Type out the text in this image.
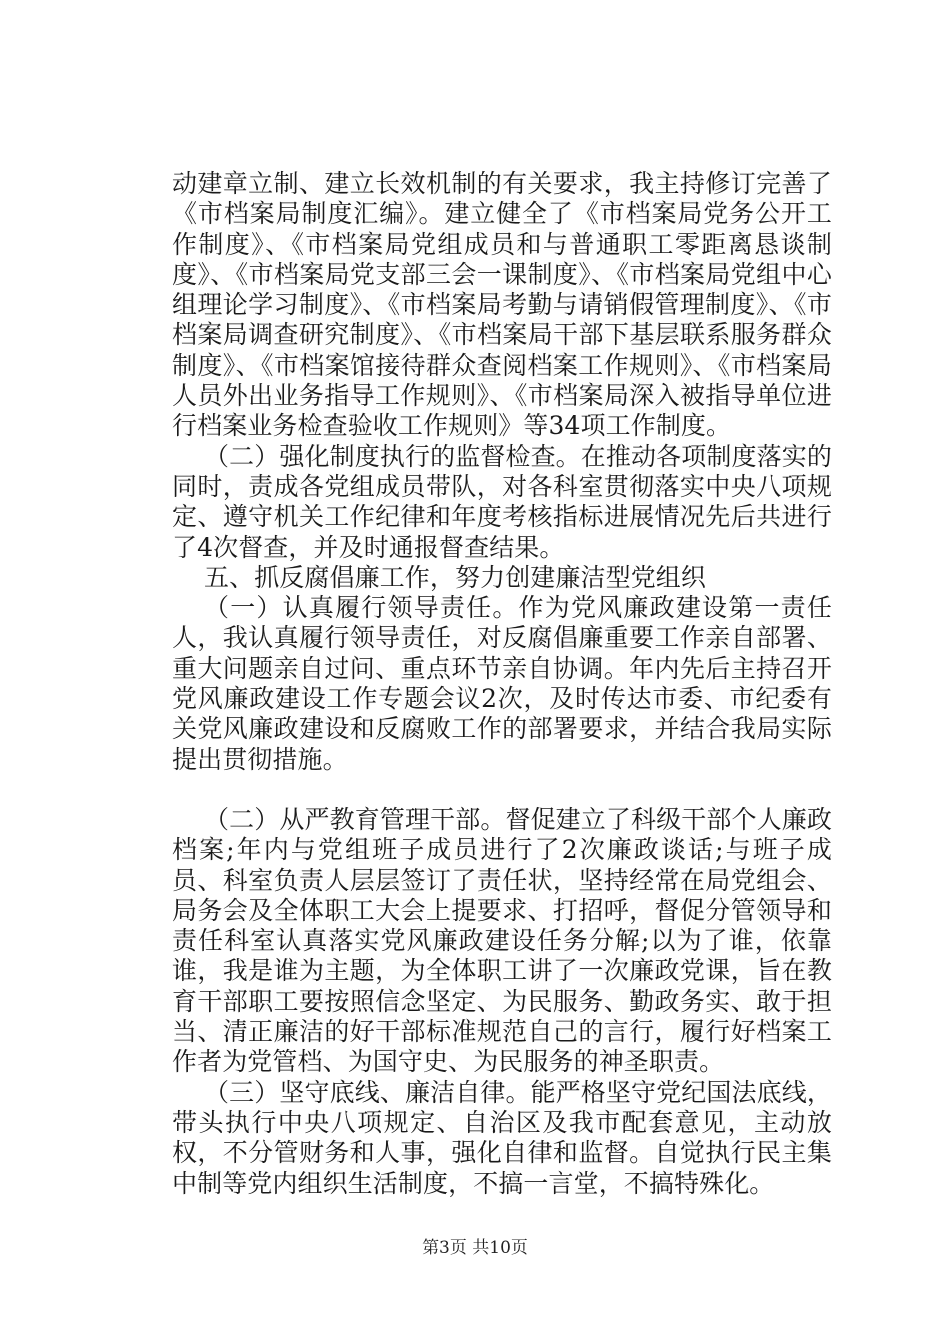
动建章立制、建立长效机制的有关要求，我主持修订完善了《市档案局制度汇编》。建立健全了《市档案局党务公开工作制度》、《市档案局党组成员和与普通职工零距离恳谈制度》、《市档案局党支部三会一课制度》、《市档案局党组中心组理论学习制度》、《市档案局考勤与请销假管理制度》、《市档案局调查研究制度》、《市档案局干部下基层联系服务群众制度》、《市档案馆接待群众查阅档案工作规则》、《市档案局人员外出业务指导工作规则》、《市档案局深入被指导单位进行档案业务检查验收工作规则》等34项工作制度。

（二）强化制度执行的监督检查。在推动各项制度落实的同时，责成各党组成员带队，对各科室贯彻落实中央八项规定、遵守机关工作纪律和年度考核指标进展情况先后共进行了4次督查，并及时通报督查结果。

五、抓反腐倡廉工作，努力创建廉洁型党组织

（一）认真履行领导责任。作为党风廉政建设第一责任人，我认真履行领导责任，对反腐倡廉重要工作亲自部署、重大问题亲自过问、重点环节亲自协调。年内先后主持召开党风廉政建设工作专题会议2次，及时传达市委、市纪委有关党风廉政建设和反腐败工作的部署要求，并结合我局实际提出贯彻措施。

（二）从严教育管理干部。督促建立了科级干部个人廉政档案;年内与党组班子成员进行了2次廉政谈话;与班子成员、科室负责人层层签订了责任状，坚持经常在局党组会、局务会及全体职工大会上提要求、打招呼，督促分管领导和责任科室认真落实党风廉政建设任务分解;以为了谁，依靠谁，我是谁为主题，为全体职工讲了一次廉政党课，旨在教育干部职工要按照信念坚定、为民服务、勤政务实、敢于担当、清正廉洁的好干部标准规范自己的言行，履行好档案工作者为党管档、为国守史、为民服务的神圣职责。

（三）坚守底线、廉洁自律。能严格坚守党纪国法底线，带头执行中央八项规定、自治区及我市配套意见，主动放权，不分管财务和人事，强化自律和监督。自觉执行民主集中制等党内组织生活制度，不搞一言堂，不搞特殊化。

第3页 共10页
